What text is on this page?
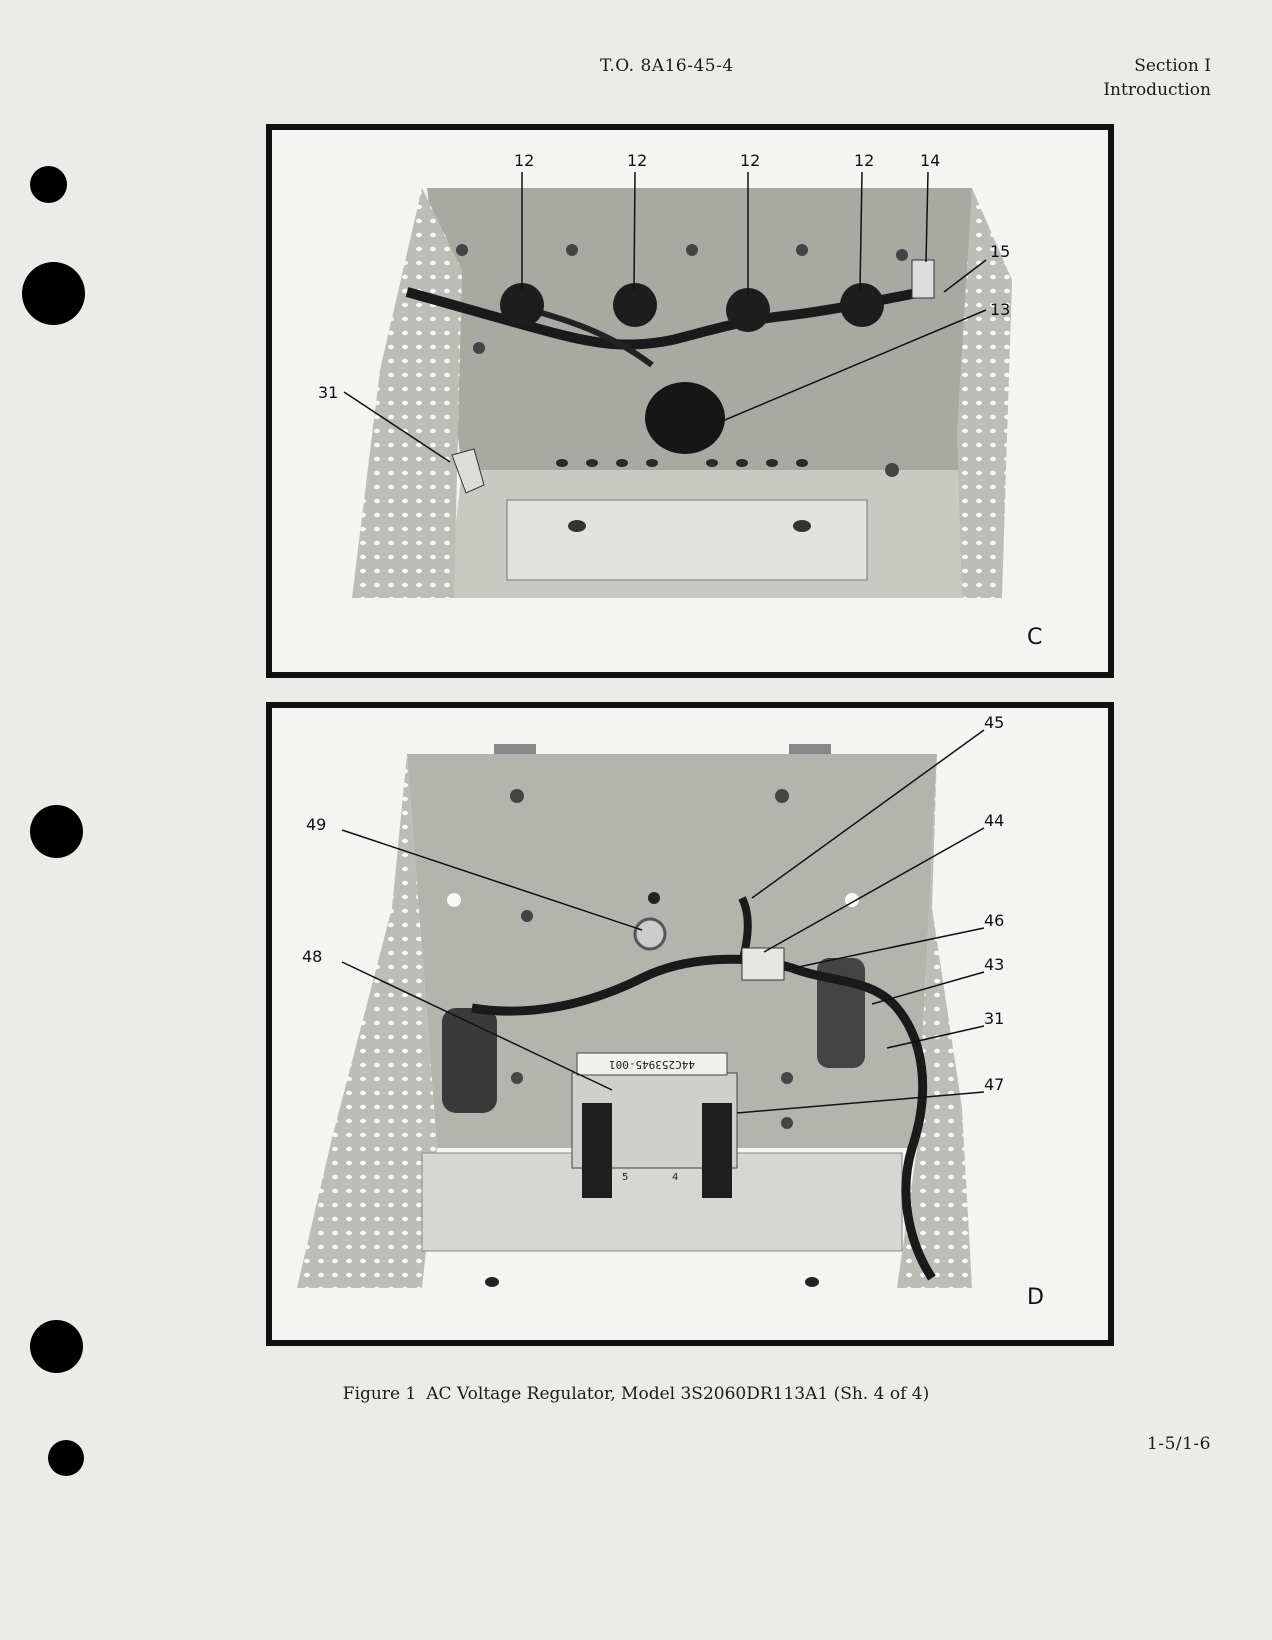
T.O. 8A16-45-4	Section I
Introduction
12	12	12	12	14
15
13
31
C
44C253945-001
5	4
45
44
49
46
48	43
31
47
D
Figure 1 AC Voltage Regulator, Model 3S2060DR113A1 (Sh. 4 of 4)
1-5/1-6
